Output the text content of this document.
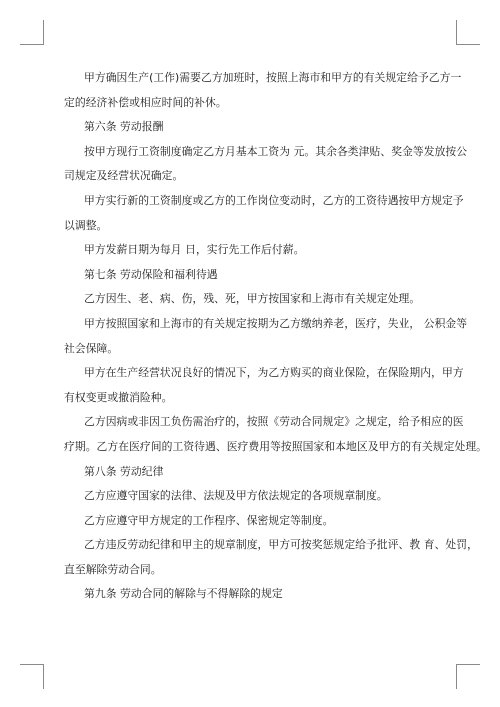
甲方确因生产(工作)需要乙方加班时，按照上海市和甲方的有关规定给予乙方一
定的经济补偿或相应时间的补休。
第六条 劳动报酬
按甲方现行工资制度确定乙方月基本工资为 元。其余各类津贴、奖金等发放按公
司规定及经营状况确定。
甲方实行新的工资制度或乙方的工作岗位变动时，乙方的工资待遇按甲方规定予
以调整。
甲方发薪日期为每月 日，实行先工作后付薪。
第七条 劳动保险和福利待遇
乙方因生、老、病、伤，残、死，甲方按国家和上海市有关规定处理。
甲方按照国家和上海市的有关规定按期为乙方缴纳养老，医疗，失业， 公积金等
社会保障。
甲方在生产经营状况良好的情况下，为乙方购买的商业保险，在保险期内，甲方
有权变更或撤消险种。
乙方因病或非因工负伤需治疗的，按照《劳动合同规定》之规定，给予相应的医
疗期。乙方在医疗间的工资待遇、医疗费用等按照国家和本地区及甲方的有关规定处理。
第八条 劳动纪律
乙方应遵守国家的法律、法规及甲方依法规定的各项规章制度。
乙方应遵守甲方规定的工作程序、保密规定等制度。
乙方违反劳动纪律和甲主的规章制度，甲方可按奖惩规定给予批评、教 育、处罚，
直至解除劳动合同。
第九条 劳动合同的解除与不得解除的规定
